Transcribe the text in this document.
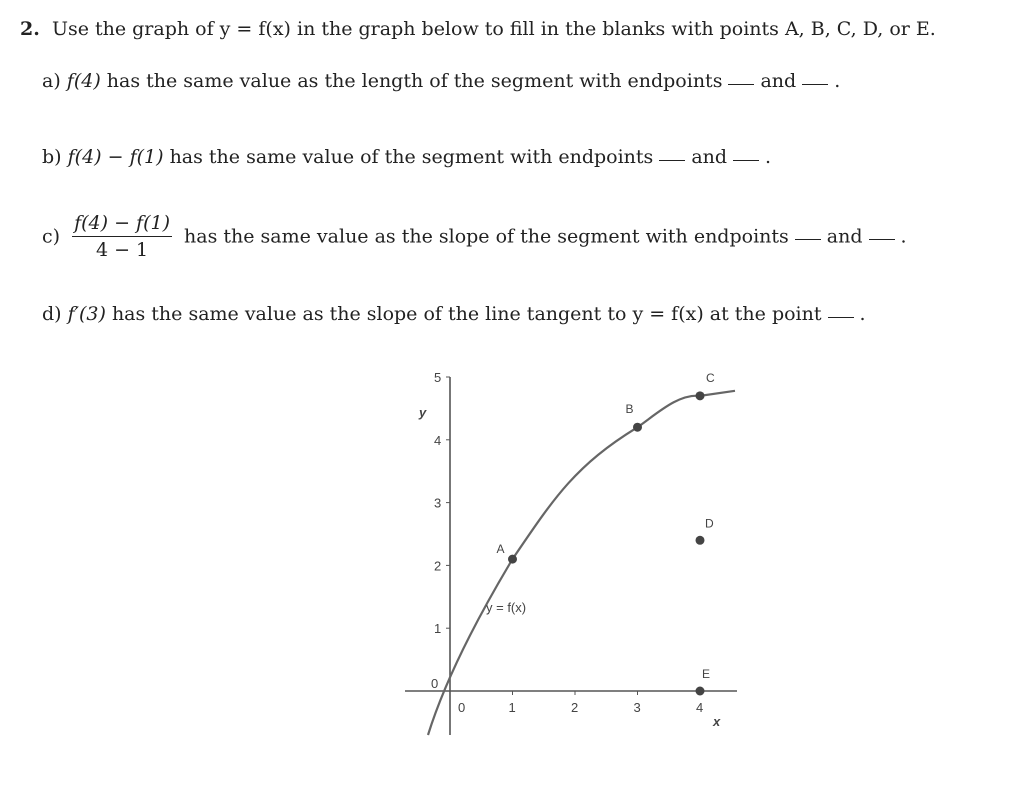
2. Use the graph of y = f(x) in the graph below to fill in the blanks with points A, B, C, D, or E.
a) f(4) has the same value as the length of the segment with endpoints and .
b) f(4) − f(1) has the same value of the segment with endpoints and .
$c) \frac{f(4) - f(1)}{4 - 1}$ has the same value as the slope of the segment with endpoints and .
d) f′(3) has the same value as the slope of the line tangent to y = f(x) at the point .
5
4
3
2
1
0
0	1	2	3	4
A
B
C
D
E
y = f(x)
y
x
